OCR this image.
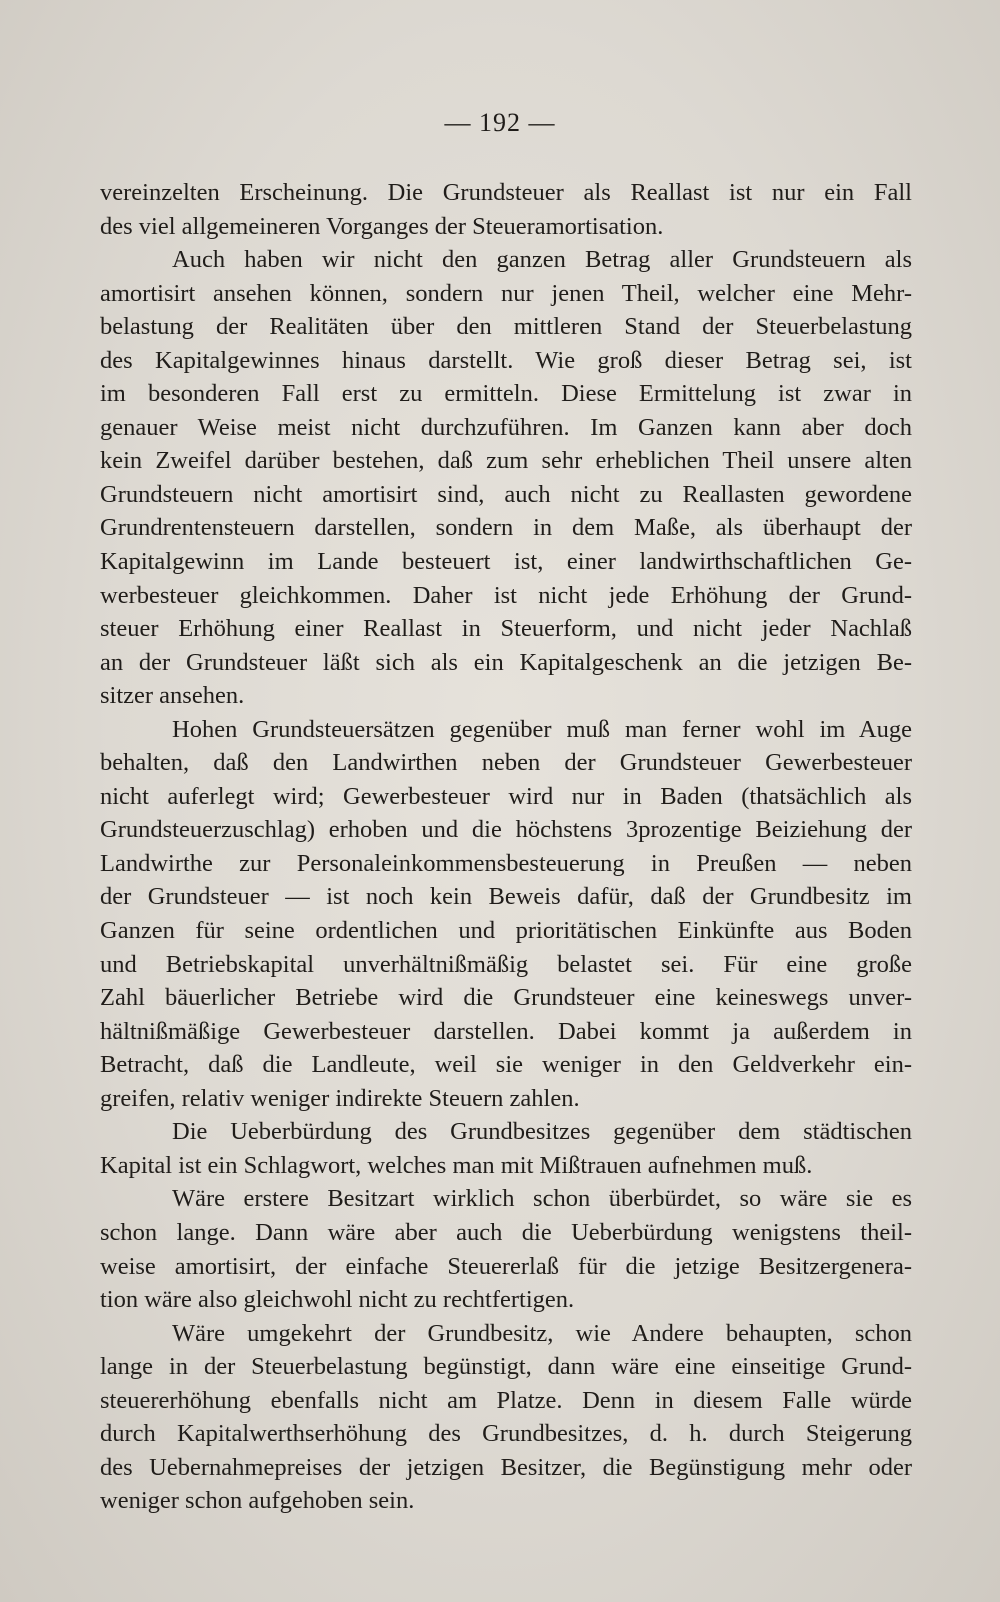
— 192 —
vereinzelten Erscheinung. Die Grundsteuer als Reallast ist nur ein Fall
des viel allgemeineren Vorganges der Steueramortisation.
Auch haben wir nicht den ganzen Betrag aller Grundsteuern als
amortisirt ansehen können, sondern nur jenen Theil, welcher eine Mehr-
belastung der Realitäten über den mittleren Stand der Steuerbelastung
des Kapitalgewinnes hinaus darstellt. Wie groß dieser Betrag sei, ist
im besonderen Fall erst zu ermitteln. Diese Ermittelung ist zwar in
genauer Weise meist nicht durchzuführen. Im Ganzen kann aber doch
kein Zweifel darüber bestehen, daß zum sehr erheblichen Theil unsere alten
Grundsteuern nicht amortisirt sind, auch nicht zu Reallasten gewordene
Grundrentensteuern darstellen, sondern in dem Maße, als überhaupt der
Kapitalgewinn im Lande besteuert ist, einer landwirthschaftlichen Ge-
werbesteuer gleichkommen. Daher ist nicht jede Erhöhung der Grund-
steuer Erhöhung einer Reallast in Steuerform, und nicht jeder Nachlaß
an der Grundsteuer läßt sich als ein Kapitalgeschenk an die jetzigen Be-
sitzer ansehen.
Hohen Grundsteuersätzen gegenüber muß man ferner wohl im Auge
behalten, daß den Landwirthen neben der Grundsteuer Gewerbesteuer
nicht auferlegt wird; Gewerbesteuer wird nur in Baden (thatsächlich als
Grundsteuerzuschlag) erhoben und die höchstens 3prozentige Beiziehung der
Landwirthe zur Personaleinkommensbesteuerung in Preußen — neben
der Grundsteuer — ist noch kein Beweis dafür, daß der Grundbesitz im
Ganzen für seine ordentlichen und prioritätischen Einkünfte aus Boden
und Betriebskapital unverhältnißmäßig belastet sei. Für eine große
Zahl bäuerlicher Betriebe wird die Grundsteuer eine keineswegs unver-
hältnißmäßige Gewerbesteuer darstellen. Dabei kommt ja außerdem in
Betracht, daß die Landleute, weil sie weniger in den Geldverkehr ein-
greifen, relativ weniger indirekte Steuern zahlen.
Die Ueberbürdung des Grundbesitzes gegenüber dem städtischen
Kapital ist ein Schlagwort, welches man mit Mißtrauen aufnehmen muß.
Wäre erstere Besitzart wirklich schon überbürdet, so wäre sie es
schon lange. Dann wäre aber auch die Ueberbürdung wenigstens theil-
weise amortisirt, der einfache Steuererlaß für die jetzige Besitzergenera-
tion wäre also gleichwohl nicht zu rechtfertigen.
Wäre umgekehrt der Grundbesitz, wie Andere behaupten, schon
lange in der Steuerbelastung begünstigt, dann wäre eine einseitige Grund-
steuererhöhung ebenfalls nicht am Platze. Denn in diesem Falle würde
durch Kapitalwerthserhöhung des Grundbesitzes, d. h. durch Steigerung
des Uebernahmepreises der jetzigen Besitzer, die Begünstigung mehr oder
weniger schon aufgehoben sein.
